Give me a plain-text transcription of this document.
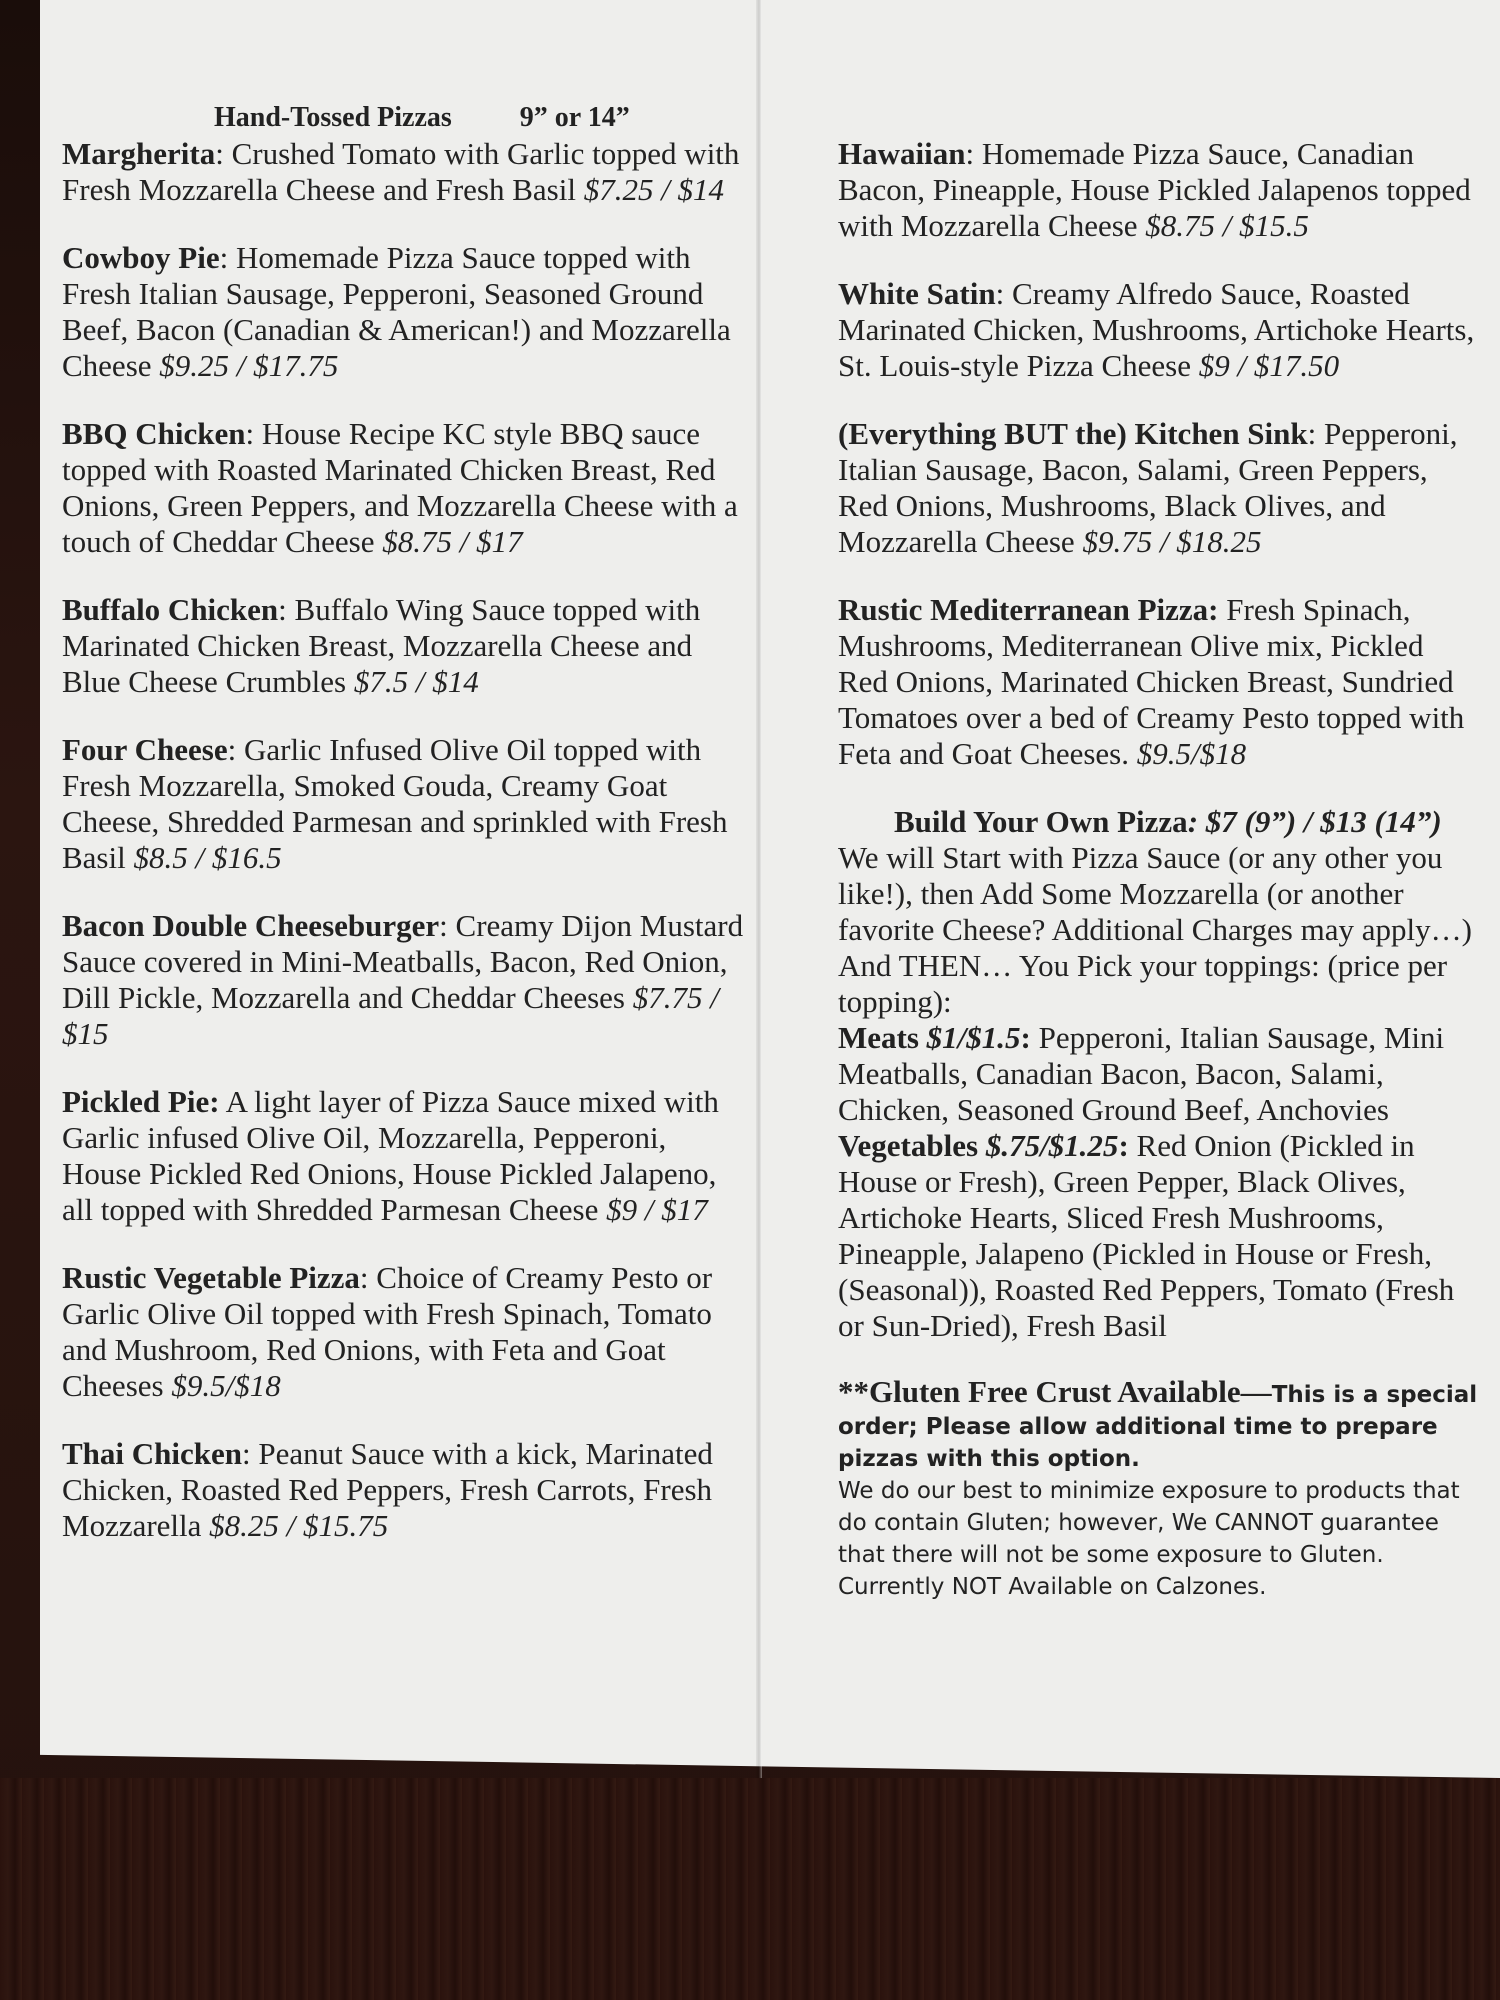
Hand-Tossed Pizzas 9” or 14”
Margherita: Crushed Tomato with Garlic topped with Fresh Mozzarella Cheese and Fresh Basil $7.25 / $14
Cowboy Pie: Homemade Pizza Sauce topped with Fresh Italian Sausage, Pepperoni, Seasoned Ground Beef, Bacon (Canadian & American!) and Mozzarella Cheese $9.25 / $17.75
BBQ Chicken: House Recipe KC style BBQ sauce topped with Roasted Marinated Chicken Breast, Red Onions, Green Peppers, and Mozzarella Cheese with a touch of Cheddar Cheese $8.75 / $17
Buffalo Chicken: Buffalo Wing Sauce topped with Marinated Chicken Breast, Mozzarella Cheese and Blue Cheese Crumbles $7.5 / $14
Four Cheese: Garlic Infused Olive Oil topped with Fresh Mozzarella, Smoked Gouda, Creamy Goat Cheese, Shredded Parmesan and sprinkled with Fresh Basil $8.5 / $16.5
Bacon Double Cheeseburger: Creamy Dijon Mustard Sauce covered in Mini-Meatballs, Bacon, Red Onion, Dill Pickle, Mozzarella and Cheddar Cheeses $7.75 / $15
Pickled Pie: A light layer of Pizza Sauce mixed with Garlic infused Olive Oil, Mozzarella, Pepperoni, House Pickled Red Onions, House Pickled Jalapeno, all topped with Shredded Parmesan Cheese $9 / $17
Rustic Vegetable Pizza: Choice of Creamy Pesto or Garlic Olive Oil topped with Fresh Spinach, Tomato and Mushroom, Red Onions, with Feta and Goat Cheeses $9.5/$18
Thai Chicken: Peanut Sauce with a kick, Marinated Chicken, Roasted Red Peppers, Fresh Carrots, Fresh Mozzarella $8.25 / $15.75
Hawaiian: Homemade Pizza Sauce, Canadian Bacon, Pineapple, House Pickled Jalapenos topped with Mozzarella Cheese $8.75 / $15.5
White Satin: Creamy Alfredo Sauce, Roasted Marinated Chicken, Mushrooms, Artichoke Hearts, St. Louis-style Pizza Cheese $9 / $17.50
(Everything BUT the) Kitchen Sink: Pepperoni, Italian Sausage, Bacon, Salami, Green Peppers, Red Onions, Mushrooms, Black Olives, and Mozzarella Cheese $9.75 / $18.25
Rustic Mediterranean Pizza: Fresh Spinach, Mushrooms, Mediterranean Olive mix, Pickled Red Onions, Marinated Chicken Breast, Sundried Tomatoes over a bed of Creamy Pesto topped with Feta and Goat Cheeses. $9.5/$18
Build Your Own Pizza: $7 (9”) / $13 (14”)
We will Start with Pizza Sauce (or any other you like!), then Add Some Mozzarella (or another favorite Cheese? Additional Charges may apply…) And THEN… You Pick your toppings: (price per topping):
Meats $1/$1.5: Pepperoni, Italian Sausage, Mini Meatballs, Canadian Bacon, Bacon, Salami, Chicken, Seasoned Ground Beef, Anchovies
Vegetables $.75/$1.25: Red Onion (Pickled in House or Fresh), Green Pepper, Black Olives, Artichoke Hearts, Sliced Fresh Mushrooms, Pineapple, Jalapeno (Pickled in House or Fresh, (Seasonal)), Roasted Red Peppers, Tomato (Fresh or Sun-Dried), Fresh Basil
**Gluten Free Crust Available—This is a special order; Please allow additional time to prepare pizzas with this option.
We do our best to minimize exposure to products that do contain Gluten; however, We CANNOT guarantee that there will not be some exposure to Gluten. Currently NOT Available on Calzones.
